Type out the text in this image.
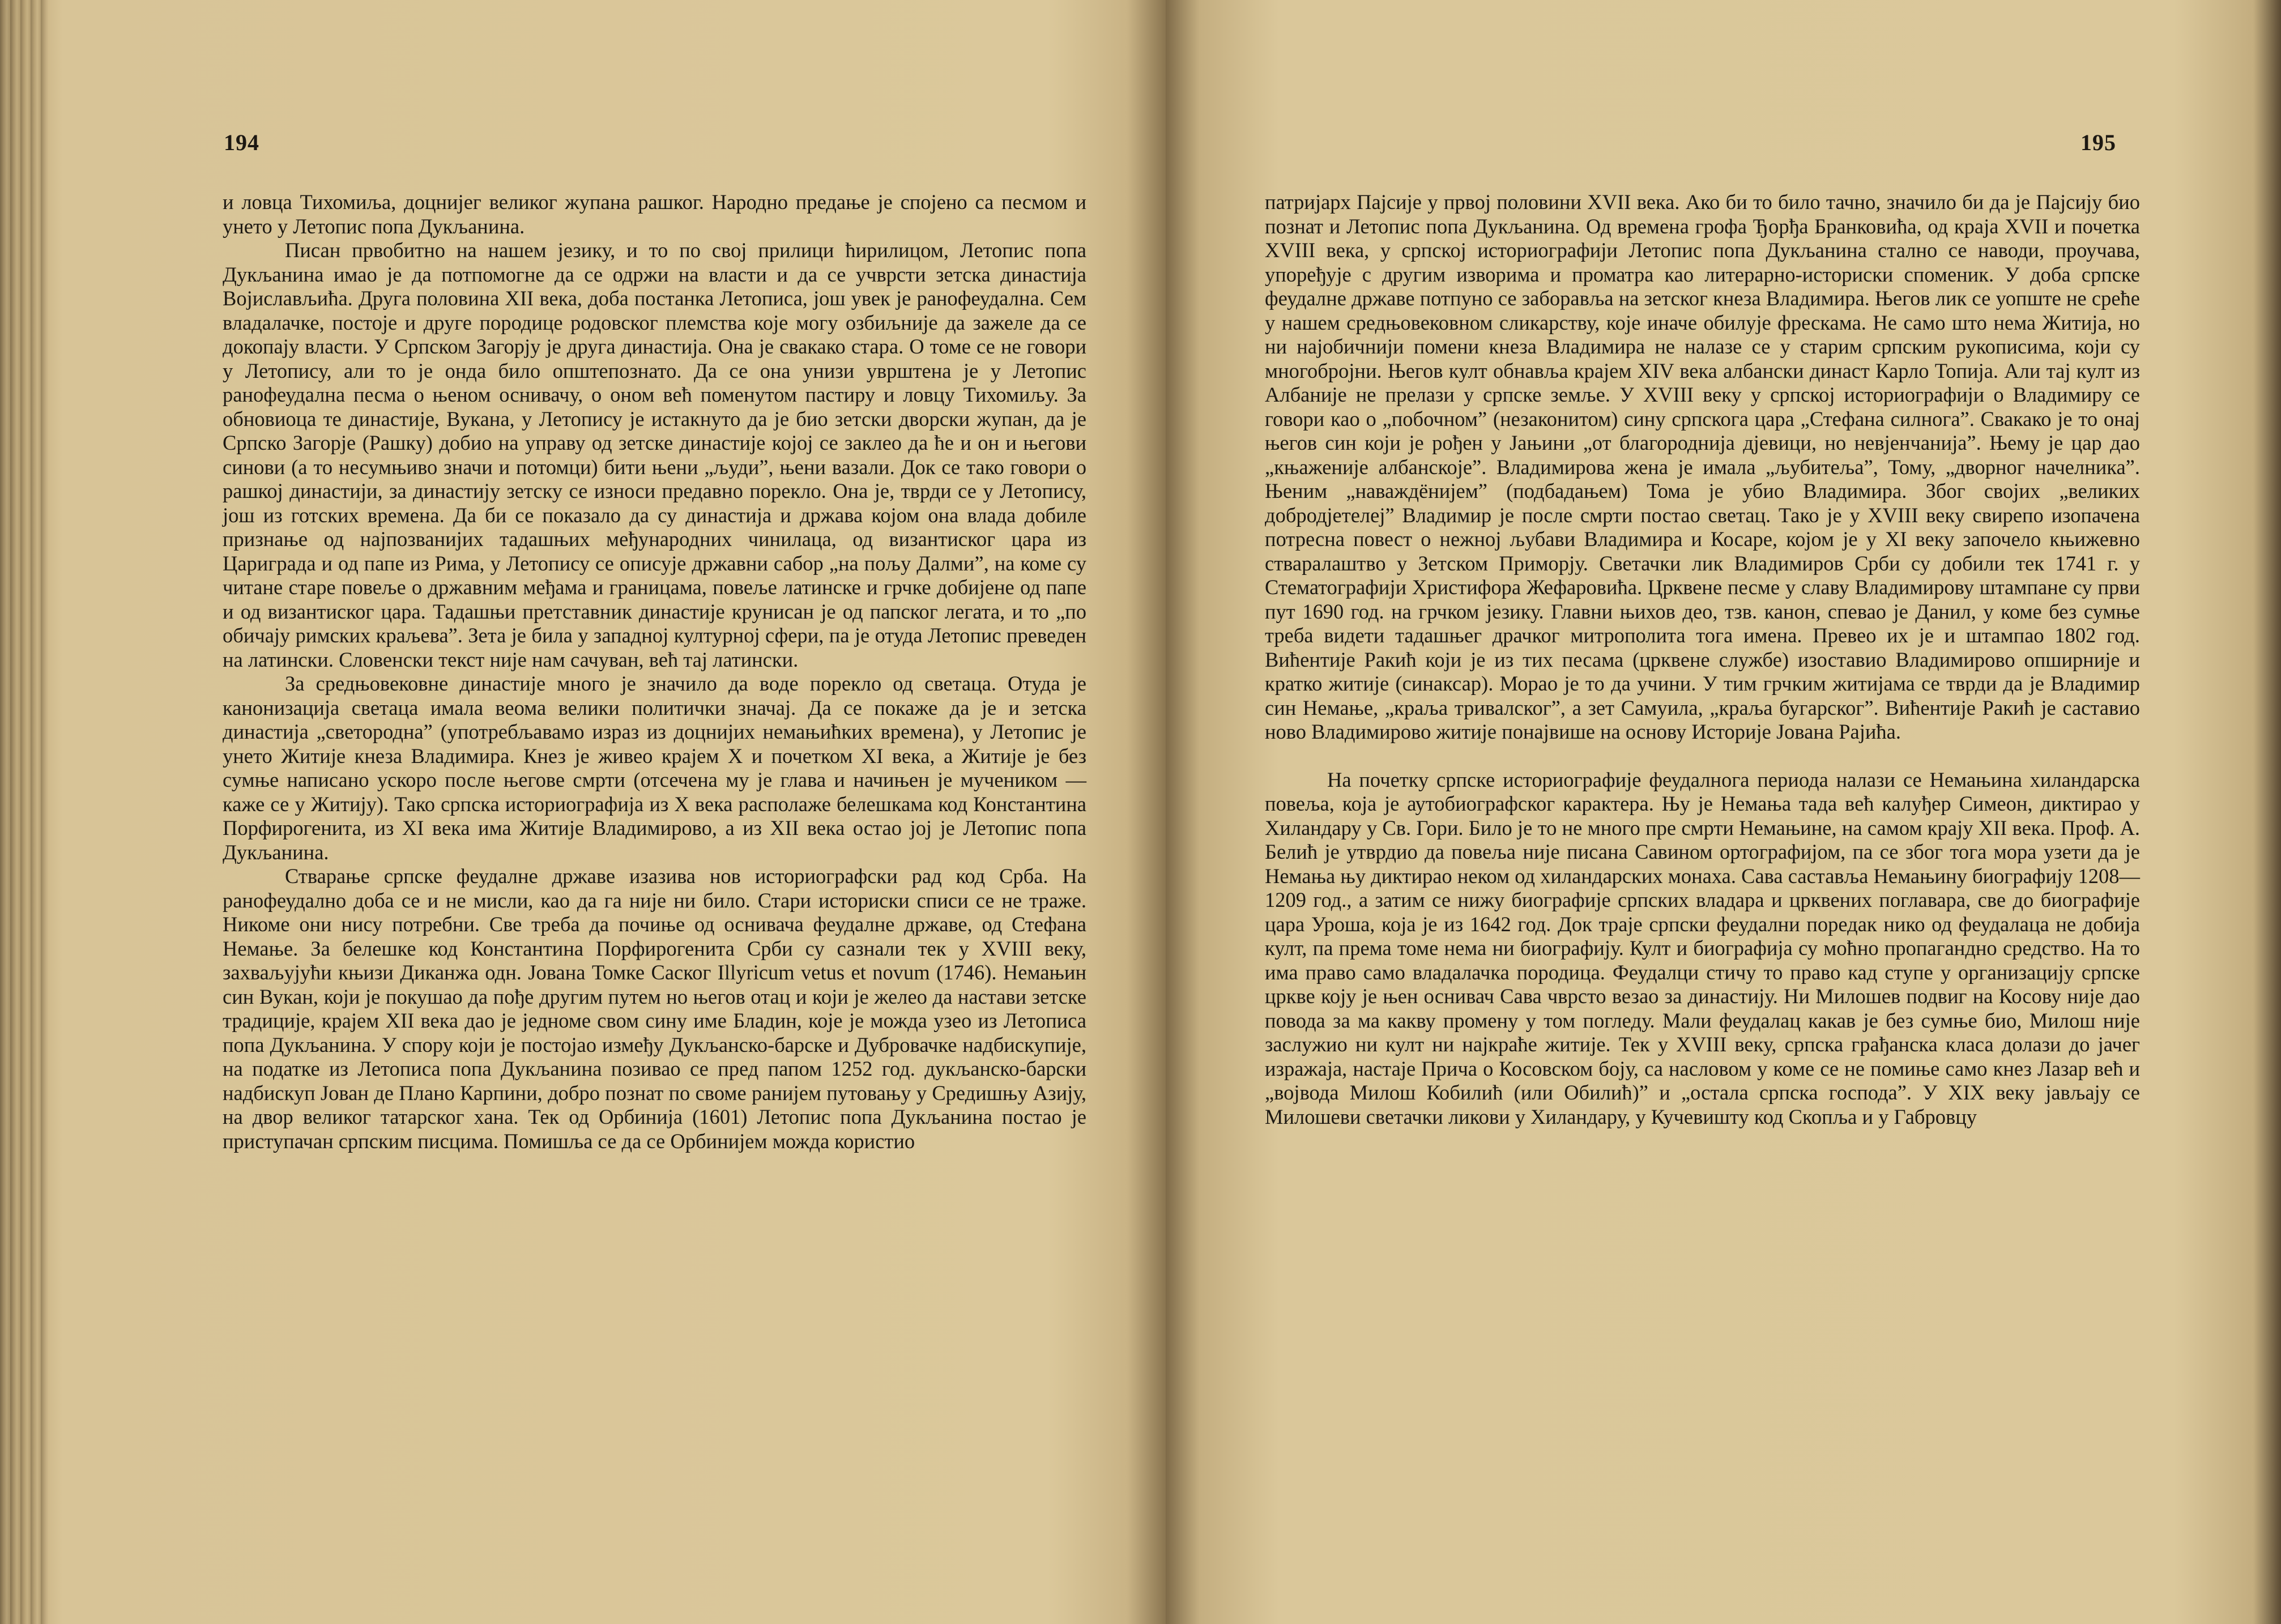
194

и ловца Тихомиља, доцнијег великог жупана рашког. Народно предање је спојено са песмом и унето у Летопис попа Дукљанина.

Писан првобитно на нашем језику, и то по свој прилици ћирилицом, Летопис попа Дукљанина имао је да потпомогне да се одржи на власти и да се учврсти зетска династија Војислављића. Друга половина XII века, доба постанка Летописа, још увек је ранофеудална. Сем владалачке, постоје и друге породице родовског племства које могу озбиљније да зажеле да се докопају власти. У Српском Загорју је друга династија. Она је свакако стара. О томе се не говори у Летопису, али то је онда било општепознато. Да се она унизи уврштена је у Летопис ранофеудална песма о њеном оснивачу, о оном већ поменутом пастиру и ловцу Тихомиљу. За обновиоца те династије, Вукана, у Летопису је истакнуто да је био зетски дворски жупан, да је Српско Загорје (Рашку) добио на управу од зетске династије којој се заклео да ће и он и његови синови (а то несумњиво значи и потомци) бити њени „људи”, њени вазали. Док се тако говори о рашкој династији, за династију зетску се износи предавно порекло. Она је, тврди се у Летопису, још из готских времена. Да би се показало да су династија и држава којом она влада добиле признање од најпозванијих тадашњих међународних чинилаца, од византиског цара из Цариграда и од папе из Рима, у Летопису се описује државни сабор „на пољу Далми”, на коме су читане старе повеље о државним међама и границама, повеље латинске и грчке добијене од папе и од византиског цара. Тадашњи претставник династије крунисан је од папског легата, и то „по обичају римских краљева”. Зета је била у западној културној сфери, па је отуда Летопис преведен на латински. Словенски текст није нам сачуван, већ тај латински.

За средњовековне династије много је значило да воде порекло од светаца. Отуда је канонизација светаца имала веома велики политички значај. Да се покаже да је и зетска династија „светородна” (употребљавамо израз из доцнијих немањићких времена), у Летопис је унето Житије кнеза Владимира. Кнез је живео крајем X и почетком XI века, а Житије је без сумње написано ускоро после његове смрти (отсечена му је глава и начињен је мучеником — каже се у Житију). Тако српска историографија из X века располаже белешкама код Константина Порфирогенита, из XI века има Житије Владимирово, а из XII века остао јој је Летопис попа Дукљанина.

Стварање српске феудалне државе изазива нов историографски рад код Срба. На ранофеудално доба се и не мисли, као да га није ни било. Стари историски списи се не траже. Никоме они нису потребни. Све треба да почиње од оснивача феудалне државе, од Стефана Немање. За белешке код Константина Порфирогенита Срби су сазнали тек у XVIII веку, захваљујући књизи Диканжа одн. Јована Томке Саског Illyricum vetus et novum (1746). Немањин син Вукан, који је покушао да пође другим путем но његов отац и који је желео да настави зетске традиције, крајем XII века дао је једноме свом сину име Бладин, које је можда узео из Летописа попа Дукљанина. У спору који је постојао између Дукљанско-барске и Дубровачке надбискупије, на податке из Летописа попа Дукљанина позивао се пред папом 1252 год. дукљанско-барски надбискуп Јован де Плано Карпини, добро познат по своме ранијем путовању у Средишњу Азију, на двор великог татарског хана. Тек од Орбинија (1601) Летопис попа Дукљанина постао је приступачан српским писцима. Помишља се да се Орбинијем можда користио

195

патријарх Пајсије у првој половини XVII века. Ако би то било тачно, значило би да је Пајсију био познат и Летопис попа Дукљанина. Од времена грофа Ђорђа Бранковића, од краја XVII и почетка XVIII века, у српској историографији Летопис попа Дукљанина стално се наводи, проучава, упоређује с другим изворима и проматра као литерарно-историски споменик. У доба српске феудалне државе потпуно се заборавља на зетског кнеза Владимира. Његов лик се уопште не среће у нашем средњовековном сликарству, које иначе обилује фрескама. Не само што нема Житија, но ни најобичнији помени кнеза Владимира не налазе се у старим српским рукописима, који су многобројни. Његов култ обнавља крајем XIV века албански династ Карло Топија. Али тај култ из Албаније не прелази у српске земље. У XVIII веку у српској историографији о Владимиру се говори као о „побочном” (незаконитом) сину српскога цара „Стефана силнога”. Свакако је то онај његов син који је рођен у Јањини „от благороднија дјевици, но невјенчанија”. Њему је цар дао „књаженије албанскоје”. Владимирова жена је имала „љубитеља”, Тому, „дворног начелника”. Њеним „наваждёнијем” (подбадањем) Тома је убио Владимира. Због својих „великих добродјетелеј” Владимир је после смрти постао светац. Тако је у XVIII веку свирепо изопачена потресна повест о нежној љубави Владимира и Косаре, којом је у XI веку започело књижевно стваралаштво у Зетском Приморју. Светачки лик Владимиров Срби су добили тек 1741 г. у Стематографији Христифора Жефаровића. Црквене песме у славу Владимирову штампане су први пут 1690 год. на грчком језику. Главни њихов део, тзв. канон, спевао је Данил, у коме без сумње треба видети тадашњег драчког митрополита тога имена. Превео их је и штампао 1802 год. Вићентије Ракић који је из тих песама (црквене службе) изоставио Владимирово опширније и кратко житије (синаксар). Морао је то да учини. У тим грчким житијама се тврди да је Владимир син Немање, „краља тривалског”, а зет Самуила, „краља бугарског”. Вићентије Ракић је саставио ново Владимирово житије понајвише на основу Историје Јована Рајића.

На почетку српске историографије феудалнога периода налази се Немањина хиландарска повеља, која је аутобиографског карактера. Њу је Немања тада већ калуђер Симеон, диктирао у Хиландару у Св. Гори. Било је то не много пре смрти Немањине, на самом крају XII века. Проф. А. Белић је утврдио да повеља није писана Савином ортографијом, па се због тога мора узети да је Немања њу диктирао неком од хиландарских монаха. Сава састављa Немањину биографију 1208—1209 год., а затим се нижу биографије српских владара и црквених поглавара, све до биографије цара Уроша, која је из 1642 год. Док траје српски феудални поредак нико од феудалаца не добија култ, па према томе нема ни биографију. Култ и биографија су моћно пропагандно средство. На то има право само владалачка породица. Феудалци стичу то право кад ступе у организацију српске цркве коју је њен оснивач Сава чврсто везао за династију. Ни Милошев подвиг на Косову није дао повода за ма какву промену у том погледу. Мали феудалац какав је без сумње био, Милош није заслужио ни култ ни најкраће житије. Тек у XVIII веку, српска грађанска класа долази до јачег изражаја, настаје Прича о Косовском боју, са насловом у коме се не помиње само кнез Лазар већ и „војвода Милош Кобилић (или Обилић)” и „остала српска господа”. У XIX веку јављају се Милошеви светачки ликови у Хиландару, у Кучевишту код Скопља и у Габровцу
